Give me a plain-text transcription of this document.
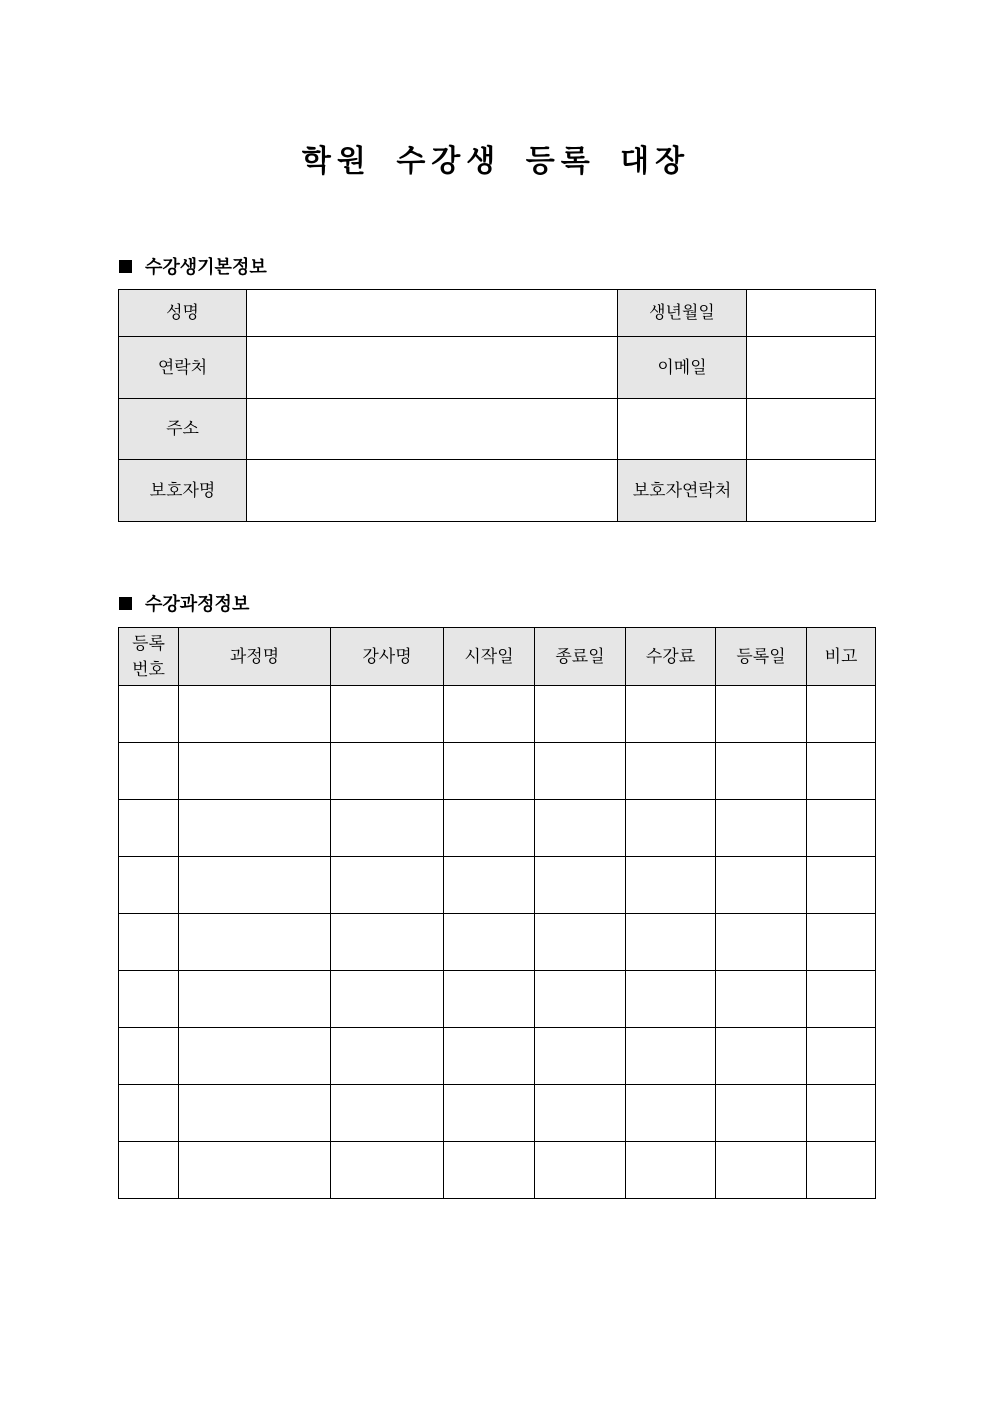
학원 수강생 등록 대장
수강생기본정보
성명		생년월일	
연락처		이메일	
주소			
보호자명		보호자연락처	
수강과정정보
등록
번호	과정명	강사명	시작일	종료일	수강료	등록일	비고
